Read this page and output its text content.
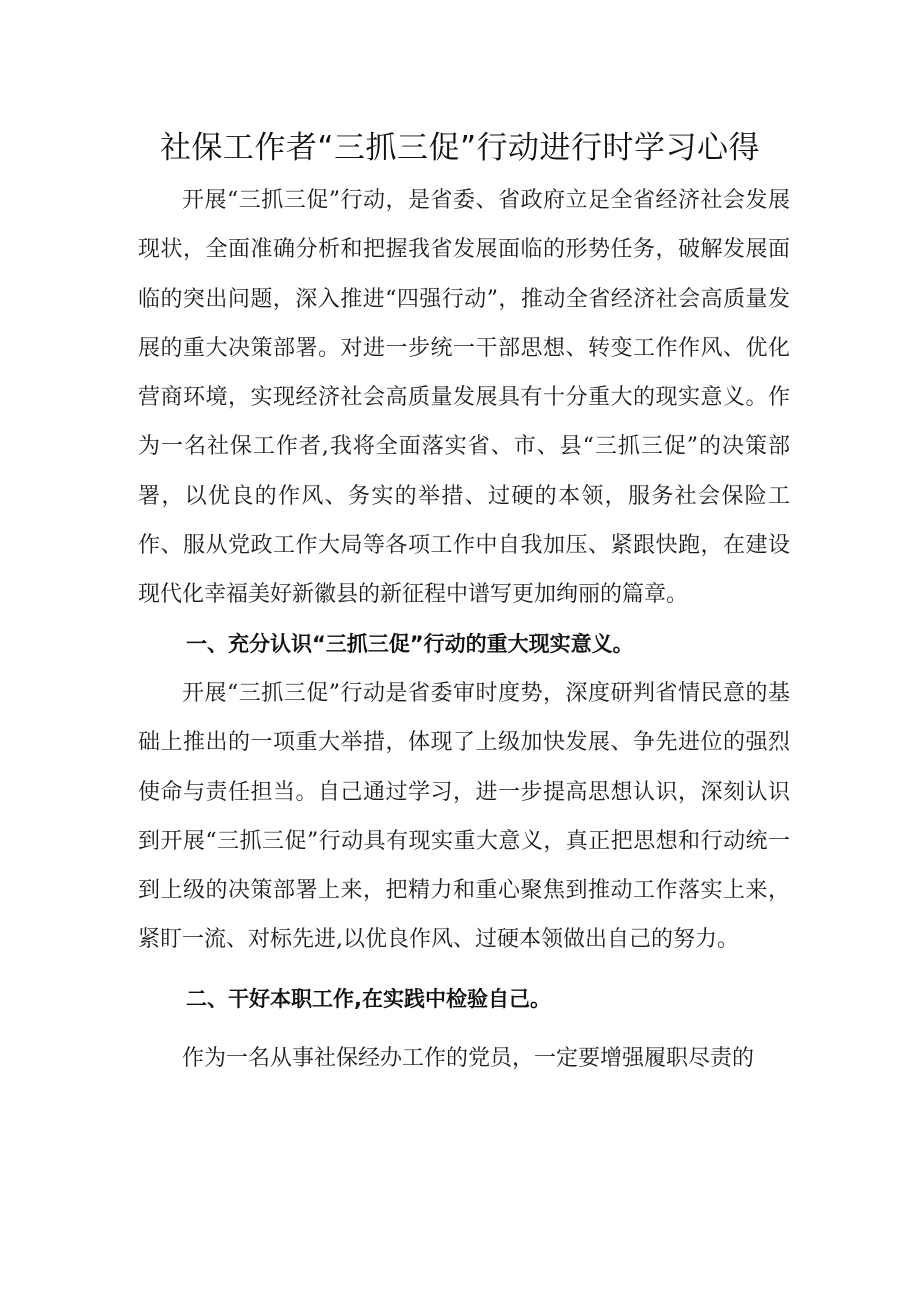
社保工作者“三抓三促”行动进行时学习心得

开展“三抓三促”行动，是省委、省政府立足全省经济社会发展现状，全面准确分析和把握我省发展面临的形势任务，破解发展面临的突出问题，深入推进“四强行动”，推动全省经济社会高质量发展的重大决策部署。对进一步统一干部思想、转变工作作风、优化营商环境，实现经济社会高质量发展具有十分重大的现实意义。作为一名社保工作者,我将全面落实省、市、县“三抓三促”的决策部署，以优良的作风、务实的举措、过硬的本领，服务社会保险工作、服从党政工作大局等各项工作中自我加压、紧跟快跑，在建设现代化幸福美好新徽县的新征程中谱写更加绚丽的篇章。

一、充分认识“三抓三促”行动的重大现实意义。

开展“三抓三促”行动是省委审时度势，深度研判省情民意的基础上推出的一项重大举措，体现了上级加快发展、争先进位的强烈使命与责任担当。自己通过学习，进一步提高思想认识，深刻认识到开展“三抓三促”行动具有现实重大意义，真正把思想和行动统一到上级的决策部署上来，把精力和重心聚焦到推动工作落实上来，紧盯一流、对标先进,以优良作风、过硬本领做出自己的努力。

二、干好本职工作,在实践中检验自己。

作为一名从事社保经办工作的党员，一定要增强履职尽责的
